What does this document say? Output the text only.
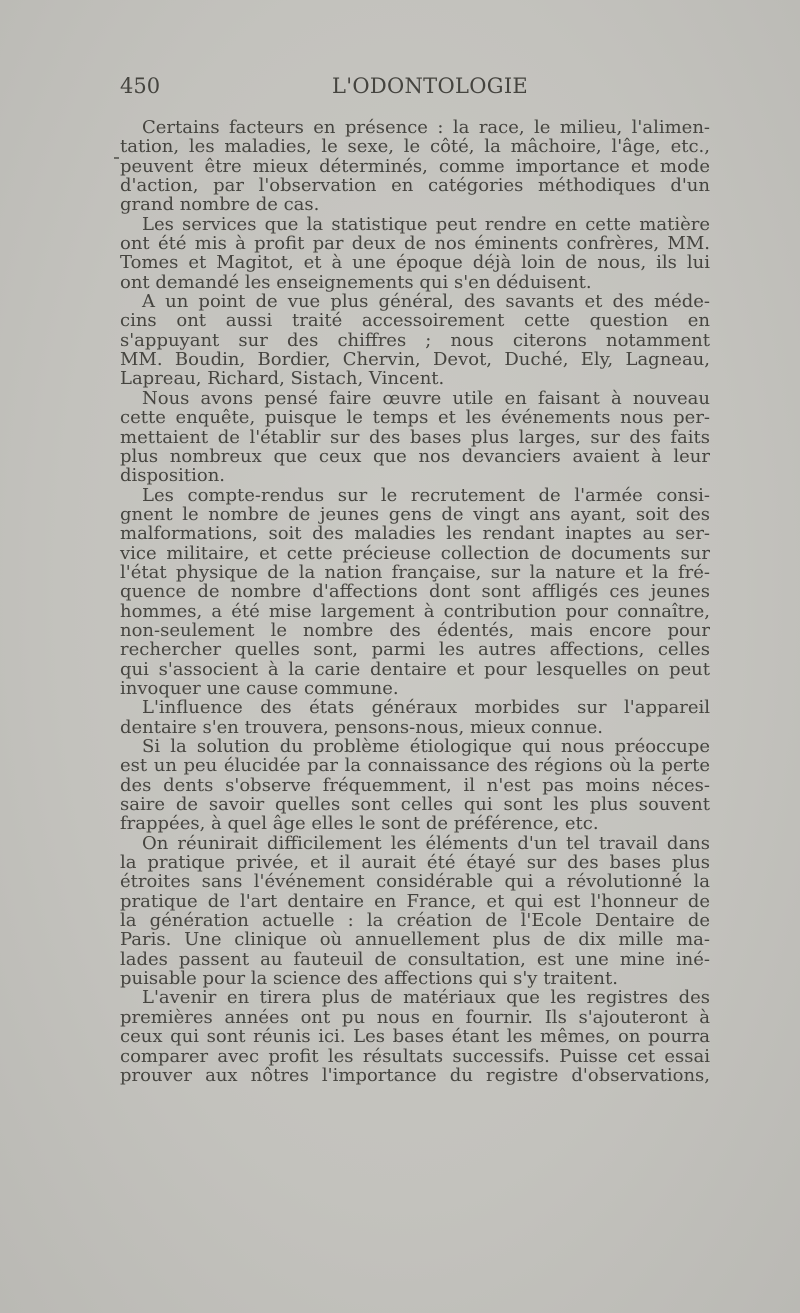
450	L'ODONTOLOGIE
Certains facteurs en présence : la race, le milieu, l'alimen-
tation, les maladies, le sexe, le côté, la mâchoire, l'âge, etc.,
peuvent être mieux déterminés, comme importance et mode
d'action, par l'observation en catégories méthodiques d'un
grand nombre de cas.
Les services que la statistique peut rendre en cette matière
ont été mis à profit par deux de nos éminents confrères, MM.
Tomes et Magitot, et à une époque déjà loin de nous, ils lui
ont demandé les enseignements qui s'en déduisent.
A un point de vue plus général, des savants et des méde-
cins ont aussi traité accessoirement cette question en
s'appuyant sur des chiffres ; nous citerons notamment
MM. Boudin, Bordier, Chervin, Devot, Duché, Ely, Lagneau,
Lapreau, Richard, Sistach, Vincent.
Nous avons pensé faire œuvre utile en faisant à nouveau
cette enquête, puisque le temps et les événements nous per-
mettaient de l'établir sur des bases plus larges, sur des faits
plus nombreux que ceux que nos devanciers avaient à leur
disposition.
Les compte-rendus sur le recrutement de l'armée consi-
gnent le nombre de jeunes gens de vingt ans ayant, soit des
malformations, soit des maladies les rendant inaptes au ser-
vice militaire, et cette précieuse collection de documents sur
l'état physique de la nation française, sur la nature et la fré-
quence de nombre d'affections dont sont affligés ces jeunes
hommes, a été mise largement à contribution pour connaître,
non-seulement le nombre des édentés, mais encore pour
rechercher quelles sont, parmi les autres affections, celles
qui s'associent à la carie dentaire et pour lesquelles on peut
invoquer une cause commune.
L'influence des états généraux morbides sur l'appareil
dentaire s'en trouvera, pensons-nous, mieux connue.
Si la solution du problème étiologique qui nous préoccupe
est un peu élucidée par la connaissance des régions où la perte
des dents s'observe fréquemment, il n'est pas moins néces-
saire de savoir quelles sont celles qui sont les plus souvent
frappées, à quel âge elles le sont de préférence, etc.
On réunirait difficilement les éléments d'un tel travail dans
la pratique privée, et il aurait été étayé sur des bases plus
étroites sans l'événement considérable qui a révolutionné la
pratique de l'art dentaire en France, et qui est l'honneur de
la génération actuelle : la création de l'Ecole Dentaire de
Paris. Une clinique où annuellement plus de dix mille ma-
lades passent au fauteuil de consultation, est une mine iné-
puisable pour la science des affections qui s'y traitent.
L'avenir en tirera plus de matériaux que les registres des
premières années ont pu nous en fournir. Ils s'ajouteront à
ceux qui sont réunis ici. Les bases étant les mêmes, on pourra
comparer avec profit les résultats successifs. Puisse cet essai
prouver aux nôtres l'importance du registre d'observations,
